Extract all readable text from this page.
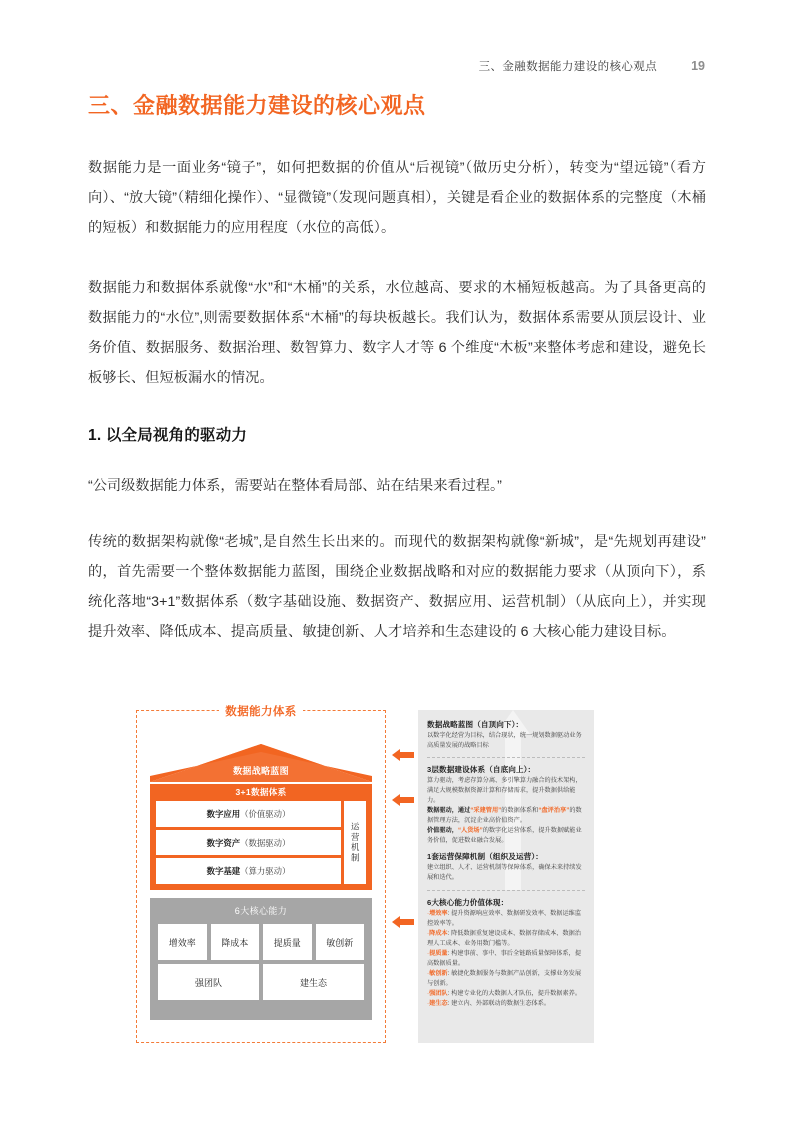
三、金融数据能力建设的核心观点	19
三、金融数据能力建设的核心观点

数据能力是一面业务“镜子”，如何把数据的价值从“后视镜”（做历史分析），转变为“望远镜”（看方向）、“放大镜”（精细化操作）、“显微镜”（发现问题真相），关键是看企业的数据体系的完整度（木桶的短板）和数据能力的应用程度（水位的高低）。

数据能力和数据体系就像“水”和“木桶”的关系，水位越高、要求的木桶短板越高。为了具备更高的数据能力的“水位”,则需要数据体系“木桶”的每块板越长。我们认为，数据体系需要从顶层设计、业务价值、数据服务、数据治理、数智算力、数字人才等 6 个维度“木板”来整体考虑和建设，避免长板够长、但短板漏水的情况。

1. 以全局视角的驱动力

“公司级数据能力体系，需要站在整体看局部、站在结果来看过程。”

传统的数据架构就像“老城”,是自然生长出来的。而现代的数据架构就像“新城”，是“先规划再建设”的，首先需要一个整体数据能力蓝图，围绕企业数据战略和对应的数据能力要求（从顶向下），系统化落地“3+1”数据体系（数字基础设施、数据资产、数据应用、运营机制）（从底向上），并实现提升效率、降低成本、提高质量、敏捷创新、人才培养和生态建设的 6 大核心能力建设目标。

数据能力体系
数据战略蓝图
3+1数据体系
数字应用 （价值驱动）
数字资产 （数据驱动）
数字基建 （算力驱动）
运营机制
6大核心能力
增效率	降成本	提质量	敏创新
强团队	建生态
数据战略蓝图（自顶向下）：

以数字化经营为目标，结合现状，统一规划数据驱动业务高质量发展的战略目标

3层数据建设体系（自底向上）：

算力驱动，考虑存算分离、多引擎算力融合的技术架构，满足大规模数据资源计算和存储需求，提升数据供给能力。

数据驱动，通过“采建管用”的数据体系和“盘评治享”的数据管理方法，沉淀企业高价值资产。

价值驱动，“人货场”的数字化运营体系，提升数据赋能业务价值，促进数业融合发展。

1套运营保障机制（组织及运营）：

建立组织、人才、运营机制等保障体系，确保未来持续发展和迭代。

6大核心能力价值体现：

·增效率: 提升资源响应效率、数据研发效率、数据运维监控效率等。

·降成本: 降低数据重复建设成本、数据存储成本、数据治理人工成本、业务用数门槛等。

·提质量: 构建事前、事中、事后全链路质量保障体系，提高数据质量。

·敏创新: 敏捷化数据服务与数据产品创新，支撑业务发展与创新。

·强团队: 构建专业化的大数据人才队伍，提升数据素养。

·建生态: 建立内、外部联动的数据生态体系。
